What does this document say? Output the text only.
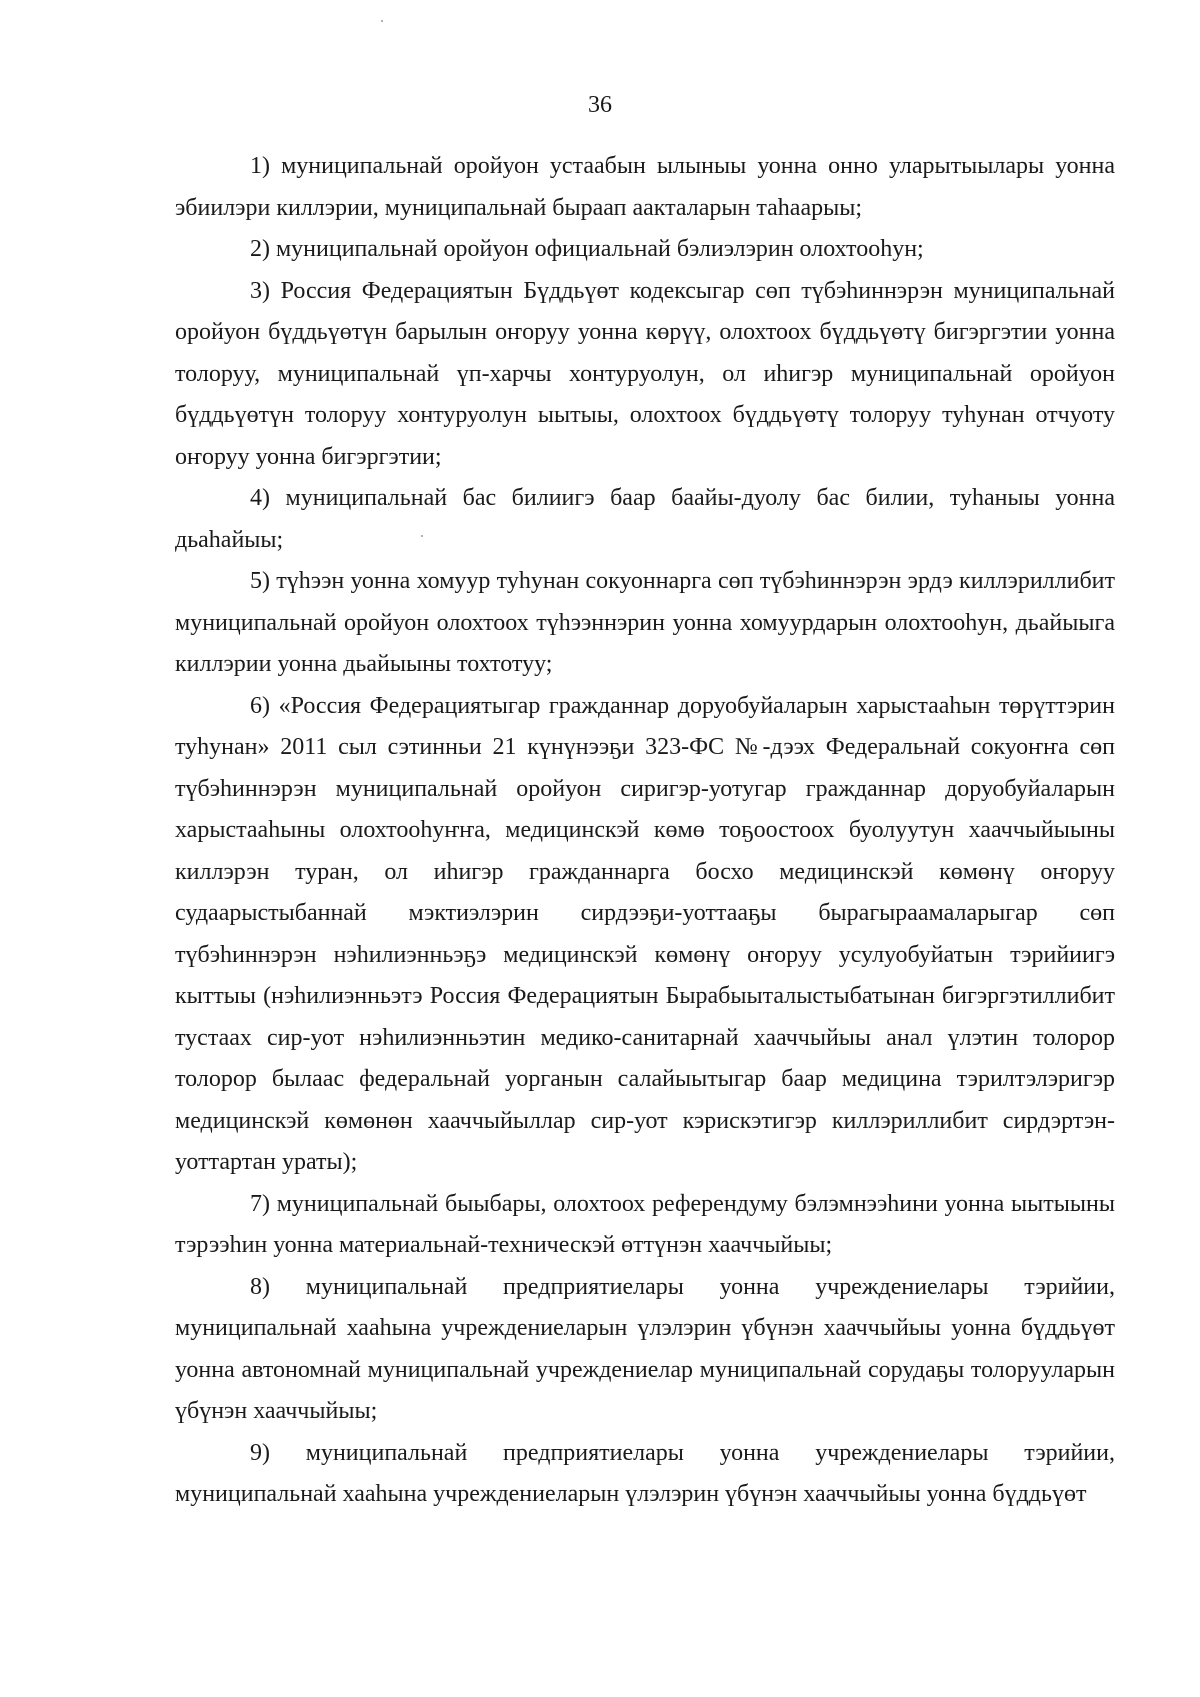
36

1) муниципальнай оройуон устаабын ылыныы уонна онно уларытыылары уонна эбиилэри киллэрии, муниципальнай быраап аакталарын таһаарыы;

2) муниципальнай оройуон официальнай бэлиэлэрин олохтооһун;

3) Россия Федерациятын Бүддьүөт кодексыгар сөп түбэһиннэрэн муниципальнай оройуон бүддьүөтүн барылын оҥоруу уонна көрүү, олохтоох бүддьүөтү бигэргэтии уонна толоруу, муниципальнай үп-харчы хонтуруолун, ол иһигэр муниципальнай оройуон бүддьүөтүн толоруу хонтуруолун ыытыы, олохтоох бүддьүөтү толоруу туһунан отчуоту оҥоруу уонна бигэргэтии;

4) муниципальнай бас билиигэ баар баайы-дуолу бас билии, туһаныы уонна дьаһайыы;

5) түһээн уонна хомуур туһунан сокуоннарга сөп түбэһиннэрэн эрдэ киллэриллибит муниципальнай оройуон олохтоох түһээннэрин уонна хомуурдарын олохтооһун, дьайыыга киллэрии уонна дьайыыны тохтотуу;

6) «Россия Федерациятыгар гражданнар доруобуйаларын харыстааһын төрүттэрин туһунан» 2011 сыл сэтинньи 21 күнүнээҕи 323-ФС №-дээх Федеральнай сокуоҥҥа сөп түбэһиннэрэн муниципальнай оройуон сиригэр-уотугар гражданнар доруобуйаларын харыстааһыны олохтооһуҥҥа, медицинскэй көмө тоҕоостоох буолуутун хааччыйыыны киллэрэн туран, ол иһигэр гражданнарга босхо медицинскэй көмөнү оҥоруу судаарыстыбаннай мэктиэлэрин сирдээҕи-уоттааҕы бырагыраамаларыгар сөп түбэһиннэрэн нэһилиэнньэҕэ медицинскэй көмөнү оҥоруу усулуобуйатын тэрийиигэ кыттыы (нэһилиэнньэтэ Россия Федерациятын Бырабыыталыстыбатынан бигэргэтиллибит тустаах сир-уот нэһилиэнньэтин медико-санитарнай хааччыйыы анал үлэтин толорор толорор былаас федеральнай уорганын салайыытыгар баар медицина тэрилтэлэригэр медицинскэй көмөнөн хааччыйыллар сир-уот кэрискэтигэр киллэриллибит сирдэртэн-уоттартан ураты);

7) муниципальнай быыбары, олохтоох референдуму бэлэмнээһини уонна ыытыыны тэрээһин уонна материальнай-техническэй өттүнэн хааччыйыы;

8) муниципальнай предприятиелары уонна учреждениелары тэрийии, муниципальнай хааһына учреждениеларын үлэлэрин үбүнэн хааччыйыы уонна бүддьүөт уонна автономнай муниципальнай учреждениелар муниципальнай сорудаҕы толорууларын үбүнэн хааччыйыы;

9) муниципальнай предприятиелары уонна учреждениелары тэрийии, муниципальнай хааһына учреждениеларын үлэлэрин үбүнэн хааччыйыы уонна бүддьүөт
